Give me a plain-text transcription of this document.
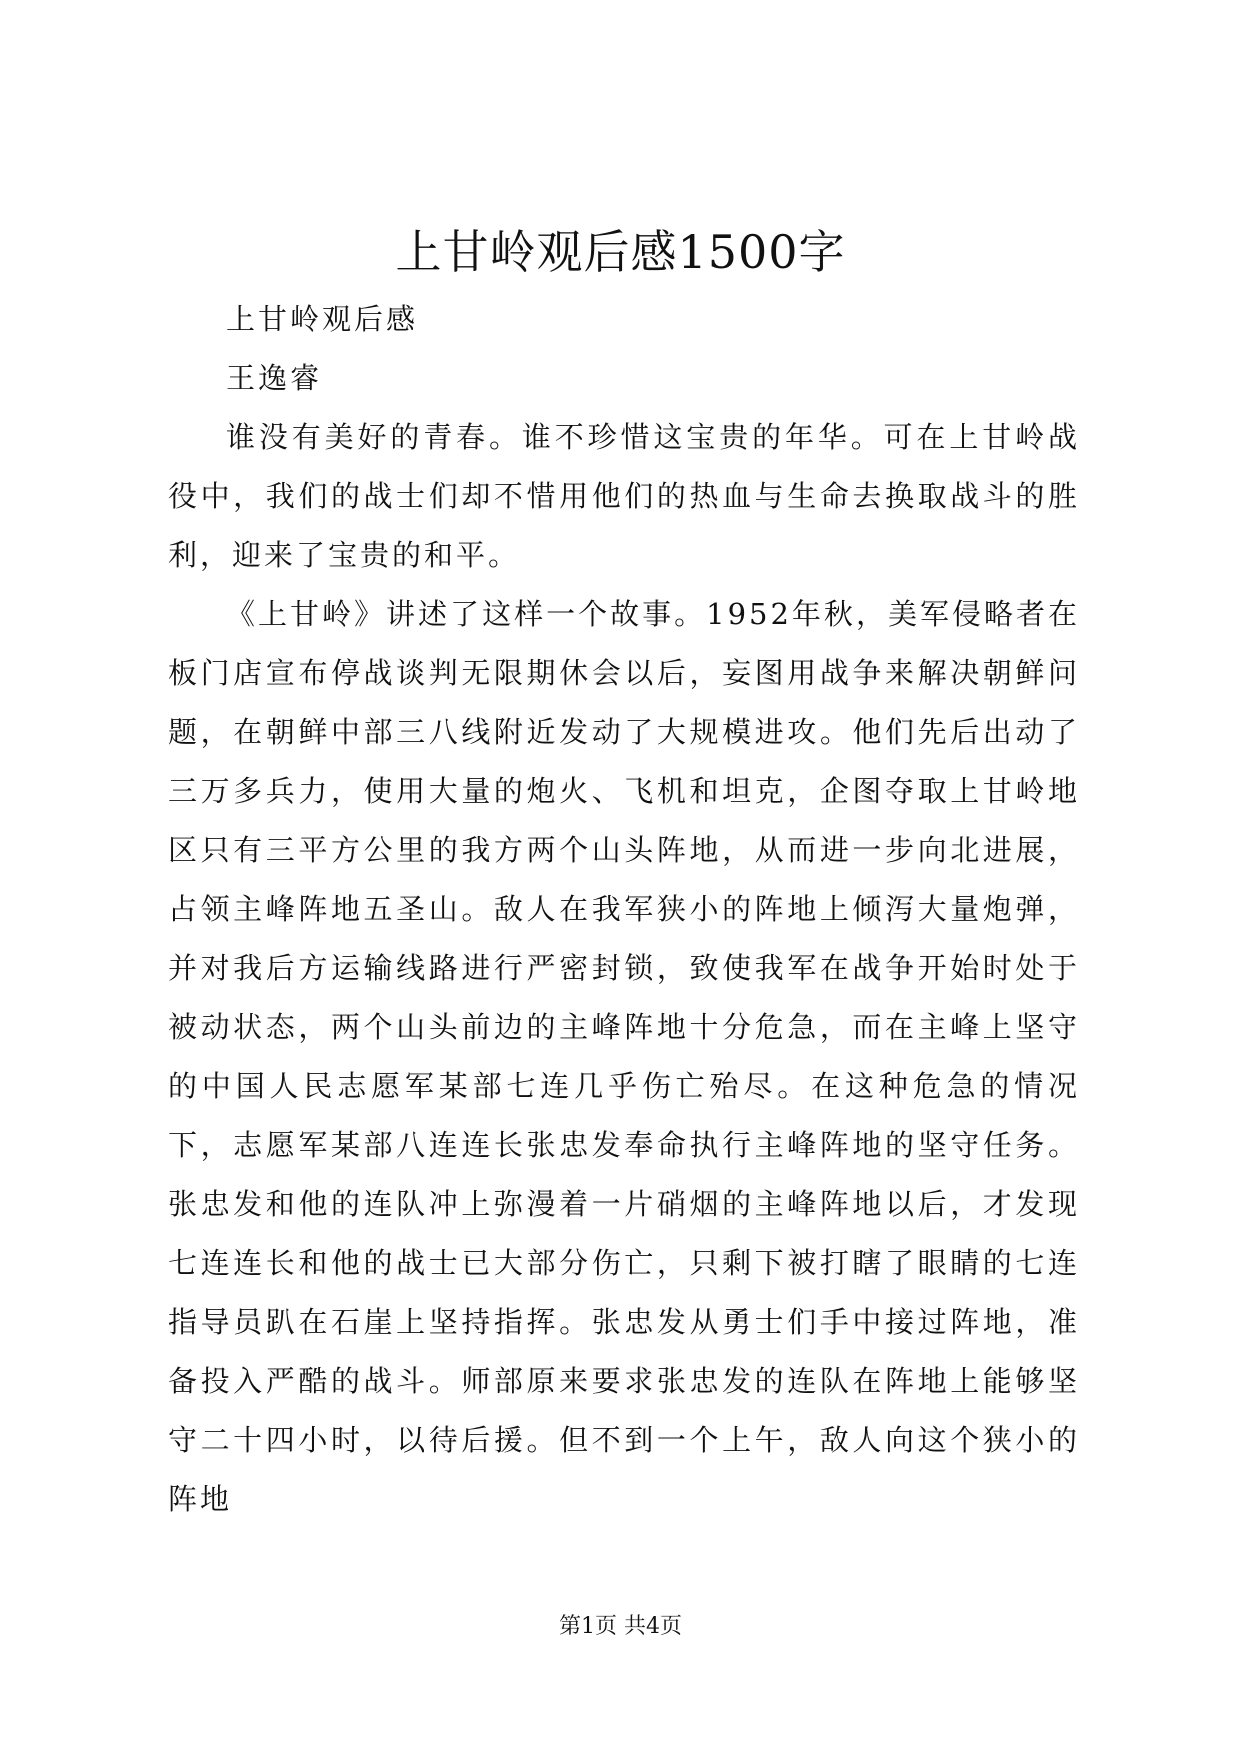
上甘岭观后感1500字

上甘岭观后感

王逸睿

谁没有美好的青春。谁不珍惜这宝贵的年华。可在上甘岭战役中，我们的战士们却不惜用他们的热血与生命去换取战斗的胜利，迎来了宝贵的和平。

《上甘岭》讲述了这样一个故事。1952年秋，美军侵略者在板门店宣布停战谈判无限期休会以后，妄图用战争来解决朝鲜问题，在朝鲜中部三八线附近发动了大规模进攻。他们先后出动了三万多兵力，使用大量的炮火、飞机和坦克，企图夺取上甘岭地区只有三平方公里的我方两个山头阵地，从而进一步向北进展，占领主峰阵地五圣山。敌人在我军狭小的阵地上倾泻大量炮弹，并对我后方运输线路进行严密封锁，致使我军在战争开始时处于被动状态，两个山头前边的主峰阵地十分危急，而在主峰上坚守的中国人民志愿军某部七连几乎伤亡殆尽。在这种危急的情况下，志愿军某部八连连长张忠发奉命执行主峰阵地的坚守任务。张忠发和他的连队冲上弥漫着一片硝烟的主峰阵地以后，才发现七连连长和他的战士已大部分伤亡，只剩下被打瞎了眼睛的七连指导员趴在石崖上坚持指挥。张忠发从勇士们手中接过阵地，准备投入严酷的战斗。师部原来要求张忠发的连队在阵地上能够坚守二十四小时，以待后援。但不到一个上午，敌人向这个狭小的阵地

第1页 共4页
